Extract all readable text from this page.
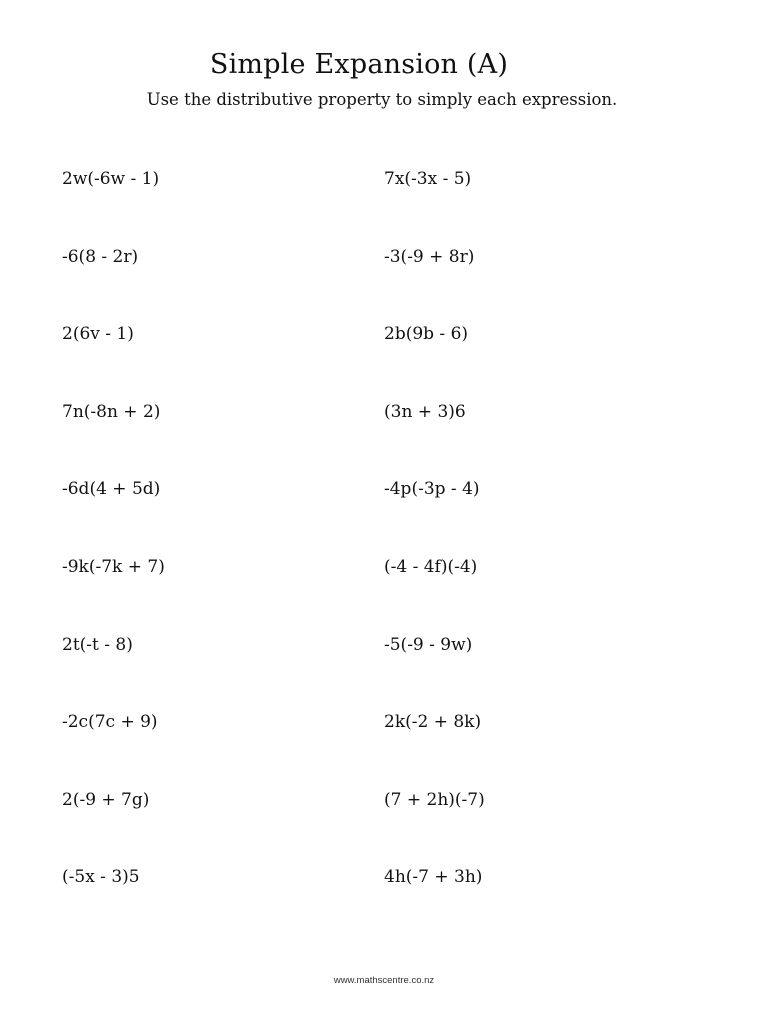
Simple Expansion (A)

Use the distributive property to simply each expression.

2w(-6w - 1)	7x(-3x - 5)
-6(8 - 2r)	-3(-9 + 8r)
2(6v - 1)	2b(9b - 6)
7n(-8n + 2)	(3n + 3)6
-6d(4 + 5d)	-4p(-3p - 4)
-9k(-7k + 7)	(-4 - 4f)(-4)
2t(-t - 8)	-5(-9 - 9w)
-2c(7c + 9)	2k(-2 + 8k)
2(-9 + 7g)	(7 + 2h)(-7)
(-5x - 3)5	4h(-7 + 3h)
www.mathscentre.co.nz
